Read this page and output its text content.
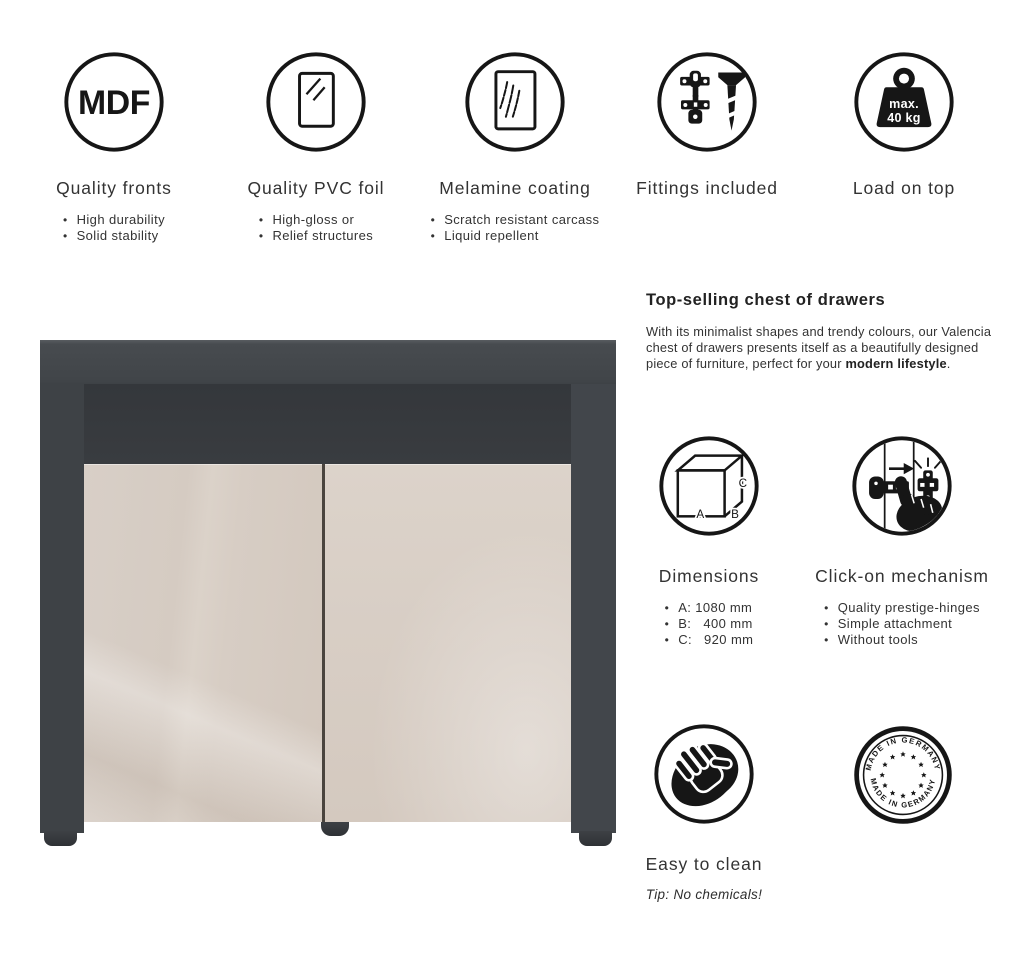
MDF
Quality fronts
• High durability
• Solid stability
Quality PVC foil
• High-gloss or
• Relief structures
Melamine coating
• Scratch resistant carcass
• Liquid repellent
Fittings included
max.
40 kg
Load on top
Top-selling chest of drawers

With its minimalist shapes and trendy colours, our Valencia chest of drawers presents itself as a beautifully designed piece of furniture, perfect for your modern lifestyle.

A B
C
Dimensions
• A: 1080 mm
• B:   400 mm
• C:   920 mm
Click-on mechanism
• Quality prestige-hinges
• Simple attachment
• Without tools
Easy to clean
Tip: No chemicals!
MADE IN GERMANY
MADE IN GERMANY
